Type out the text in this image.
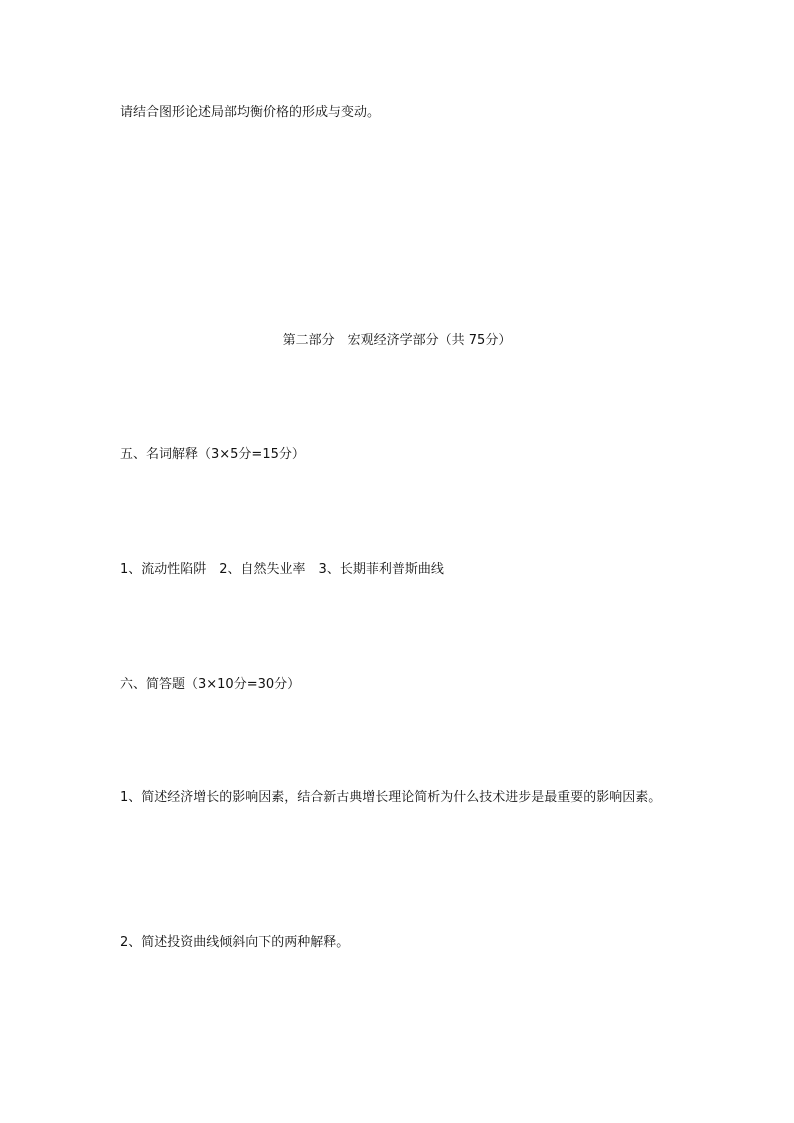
请结合图形论述局部均衡价格的形成与变动。
第二部分　宏观经济学部分（共 75分）
五、名词解释（3×5分=15分）
1、流动性陷阱　2、自然失业率　3、长期菲利普斯曲线
六、简答题（3×10分=30分）
1、简述经济增长的影响因素，结合新古典增长理论简析为什么技术进步是最重要的影响因素。
2、简述投资曲线倾斜向下的两种解释。
